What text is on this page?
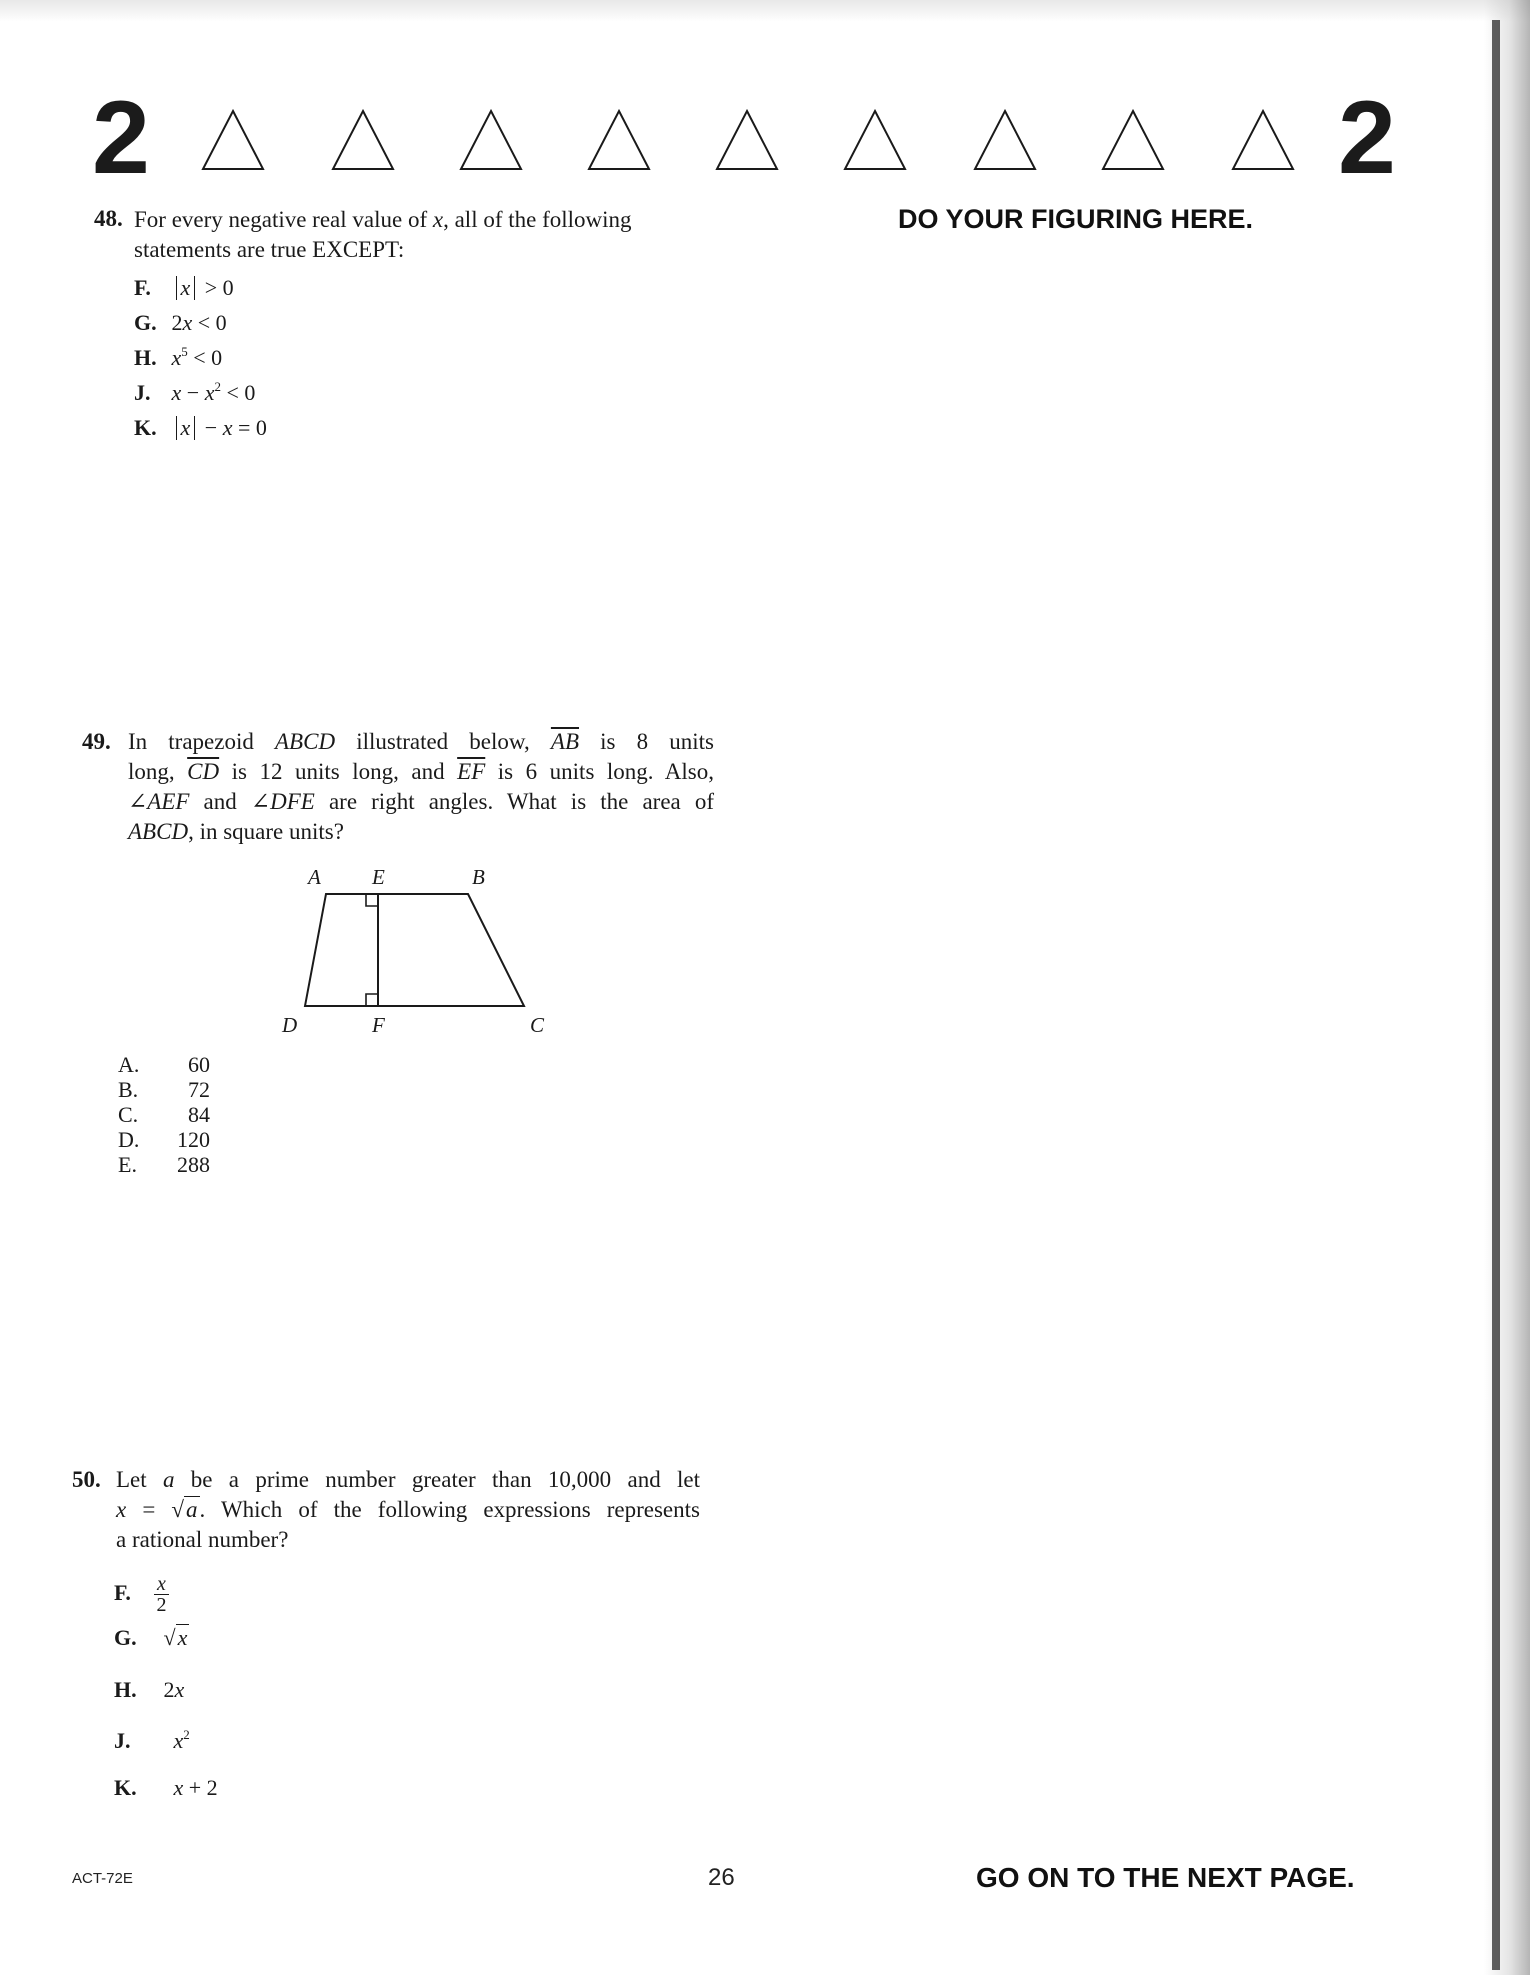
2	2
DO YOUR FIGURING HERE.
48. For every negative real value of x, all of the following
statements are true EXCEPT:
F. x > 0
G. 2x < 0
H. $x^5 < 0$
J. $x - x^2 < 0$
K. x − x = 0
49. In trapezoid ABCD illustrated below, $\overline{AB}$ is 8 units
long, $\overline{CD}$ is 12 units long, and $\overline{EF}$ is 6 units long. Also,
∠AEF and ∠DFE are right angles. What is the area of
ABCD, in square units?
A E	B
D	F	C
A. 60
B. 72
C. 84
D. 120
E. 288
50. Let a be a prime number greater than 10,000 and let
x = √a. Which of the following expressions represents
a rational number?
F. $\frac{x}{2}$
G. √x
H. 2x
J. $x^2$
K. x + 2
ACT-72E	26	GO ON TO THE NEXT PAGE.
